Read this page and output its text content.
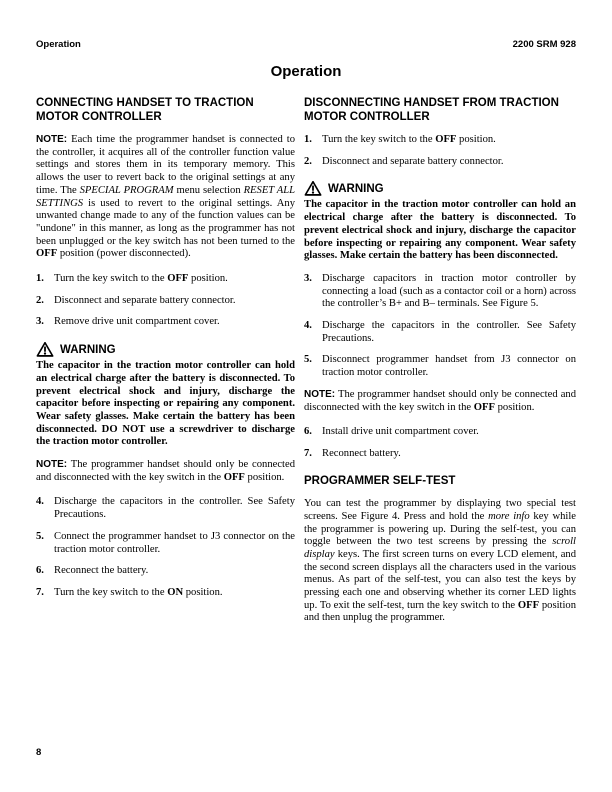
Operation	2200 SRM 928
Operation
CONNECTING HANDSET TO TRACTION MOTOR CONTROLLER

NOTE: Each time the programmer handset is connected to the controller, it acquires all of the controller function value settings and stores them in its temporary memory. This allows the user to revert back to the original settings at any time. The SPECIAL PROGRAM menu selection RESET ALL SETTINGS is used to revert to the original settings. Any unwanted change made to any of the function values can be "undone" in this manner, as long as the programmer has not been unplugged or the key switch has not been turned to the OFF position (power disconnected).

1. Turn the key switch to the OFF position.
2. Disconnect and separate battery connector.
3. Remove drive unit compartment cover.
WARNING

The capacitor in the traction motor controller can hold an electrical charge after the battery is disconnected. To prevent electrical shock and injury, discharge the capacitor before inspecting or repairing any component. Wear safety glasses. Make certain the battery has been disconnected. DO NOT use a screwdriver to discharge the traction motor controller.

NOTE: The programmer handset should only be connected and disconnected with the key switch in the OFF position.

4. Discharge the capacitors in the controller. See Safety Precautions.
5. Connect the programmer handset to J3 connector on the traction motor controller.
6. Reconnect the battery.
7. Turn the key switch to the ON position.
DISCONNECTING HANDSET FROM TRACTION MOTOR CONTROLLER
1. Turn the key switch to the OFF position.
2. Disconnect and separate battery connector.
WARNING

The capacitor in the traction motor controller can hold an electrical charge after the battery is disconnected. To prevent electrical shock and injury, discharge the capacitor before inspecting or repairing any component. Wear safety glasses. Make certain the battery has been disconnected.

3. Discharge capacitors in traction motor controller by connecting a load (such as a contactor coil or a horn) across the controller’s B+ and B– terminals. See Figure 5.
4. Discharge the capacitors in the controller. See Safety Precautions.
5. Disconnect programmer handset from J3 connector on traction motor controller.

NOTE: The programmer handset should only be connected and disconnected with the key switch in the OFF position.

6. Install drive unit compartment cover.
7. Reconnect battery.
PROGRAMMER SELF-TEST

You can test the programmer by displaying two special test screens. See Figure 4. Press and hold the more info key while the programmer is powering up. During the self-test, you can toggle between the two test screens by pressing the scroll display keys. The first screen turns on every LCD element, and the second screen displays all the characters used in the various menus. As part of the self-test, you can also test the keys by pressing each one and observing whether its corner LED lights up. To exit the self-test, turn the key switch to the OFF position and then unplug the programmer.

8
